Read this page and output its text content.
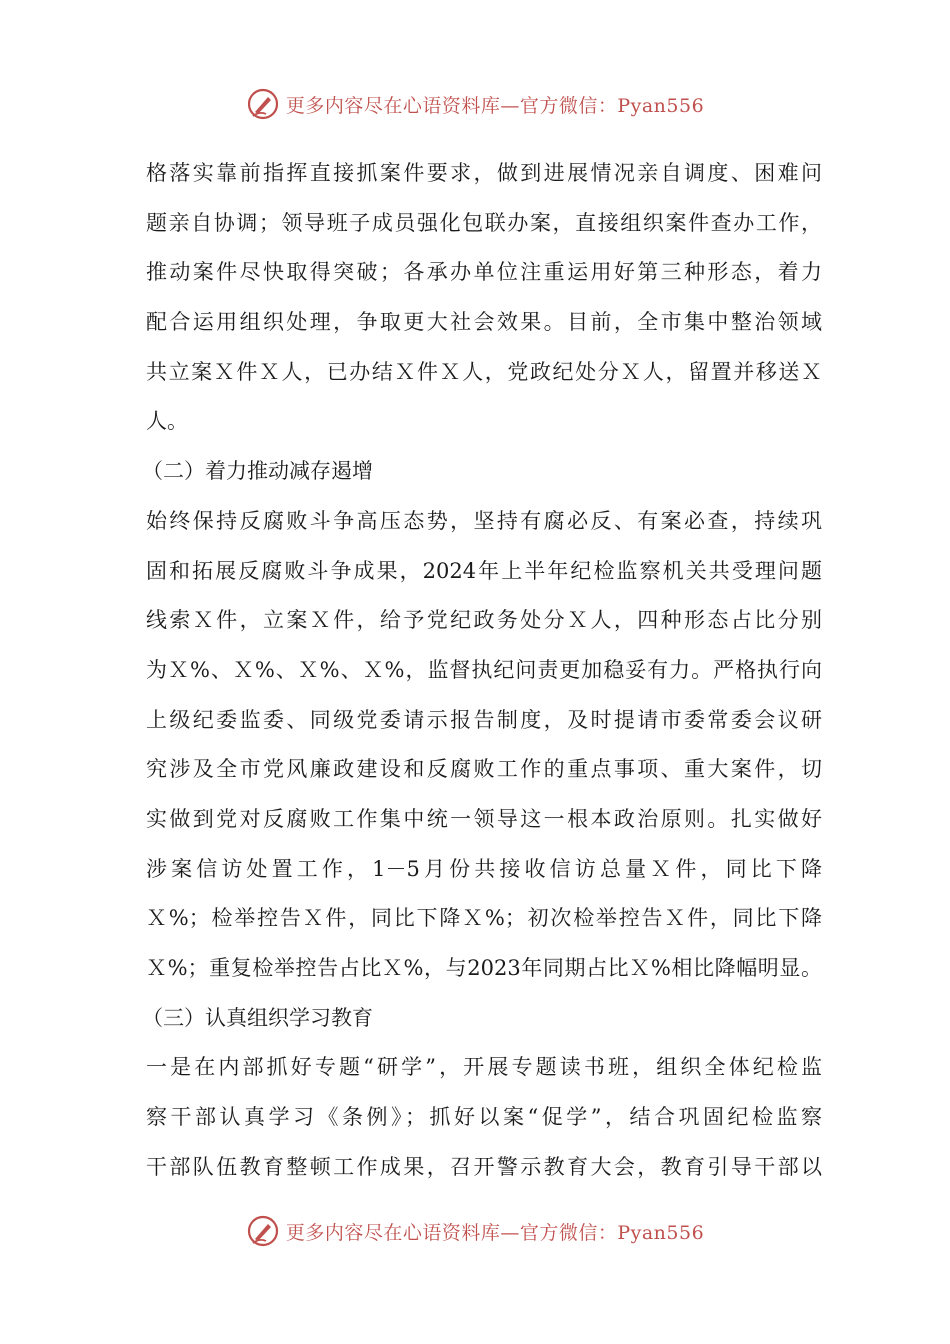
更多内容尽在心语资料库—官方微信：Pyan556
格落实靠前指挥直接抓案件要求，做到进展情况亲自调度、困难问
题亲自协调；领导班子成员强化包联办案，直接组织案件查办工作，
推动案件尽快取得突破；各承办单位注重运用好第三种形态，着力
配合运用组织处理，争取更大社会效果。目前，全市集中整治领域
共立案Ｘ件Ｘ人，已办结Ｘ件Ｘ人，党政纪处分Ｘ人，留置并移送Ｘ
人。
（二）着力推动减存遏增
始终保持反腐败斗争高压态势，坚持有腐必反、有案必查，持续巩
固和拓展反腐败斗争成果，2024年上半年纪检监察机关共受理问题
线索Ｘ件，立案Ｘ件，给予党纪政务处分Ｘ人，四种形态占比分别
为Ｘ%、Ｘ%、Ｘ%、Ｘ%，监督执纪问责更加稳妥有力。严格执行向
上级纪委监委、同级党委请示报告制度，及时提请市委常委会议研
究涉及全市党风廉政建设和反腐败工作的重点事项、重大案件，切
实做到党对反腐败工作集中统一领导这一根本政治原则。扎实做好
涉案信访处置工作，1－5月份共接收信访总量Ｘ件，同比下降
Ｘ%；检举控告Ｘ件，同比下降Ｘ%；初次检举控告Ｘ件，同比下降
Ｘ%；重复检举控告占比Ｘ%，与2023年同期占比Ｘ%相比降幅明显。
（三）认真组织学习教育
一是在内部抓好专题“研学”，开展专题读书班，组织全体纪检监
察干部认真学习《条例》；抓好以案“促学”，结合巩固纪检监察
干部队伍教育整顿工作成果，召开警示教育大会，教育引导干部以
更多内容尽在心语资料库—官方微信：Pyan556
